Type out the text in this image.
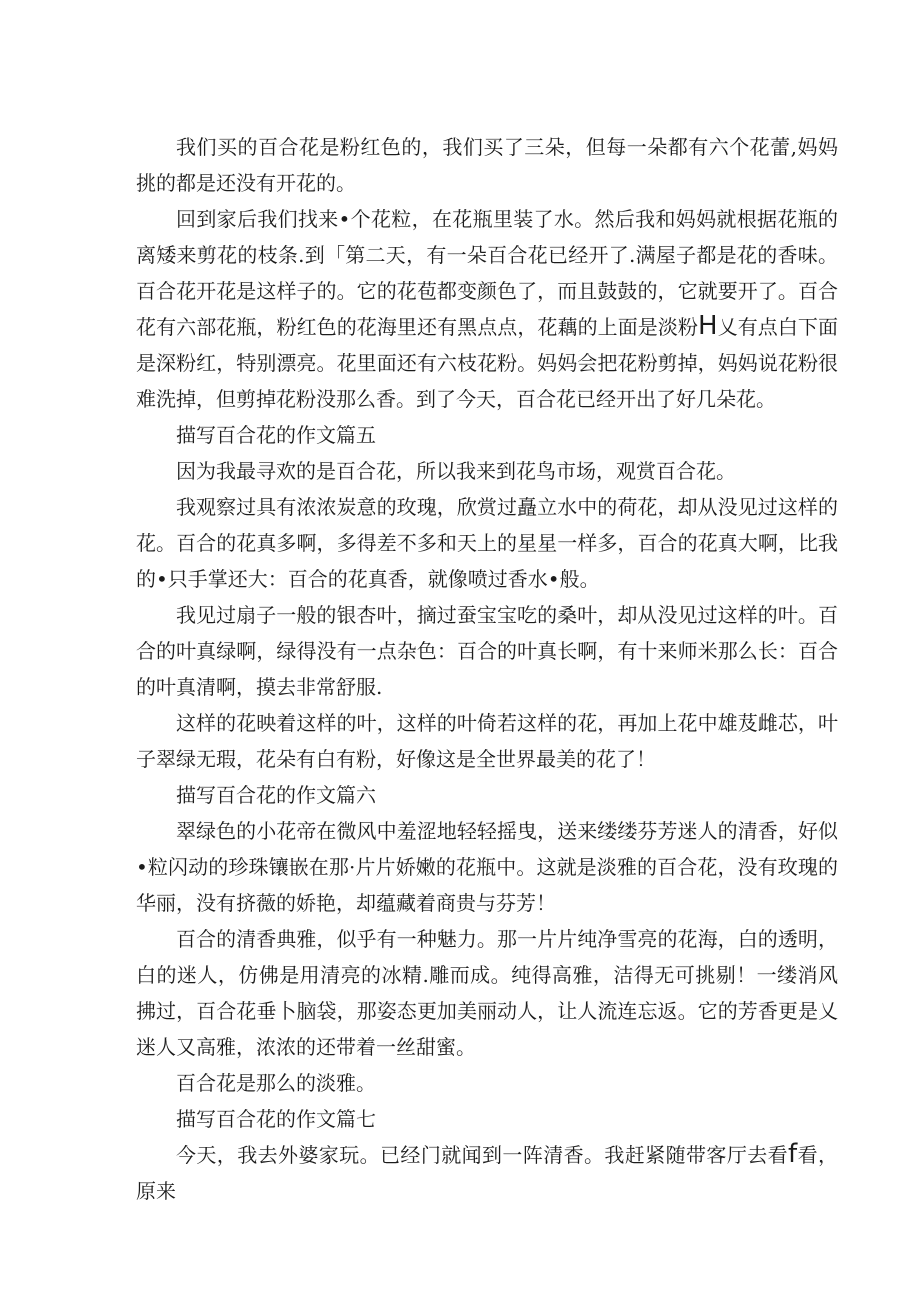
我们买的百合花是粉红色的，我们买了三朵，但每一朵都有六个花蕾,妈妈挑的都是还没有开花的。

回到家后我们找来•个花粒，在花瓶里装了水。然后我和妈妈就根据花瓶的离矮来剪花的枝条.到「第二天，有一朵百合花已经开了.满屋子都是花的香味。百合花开花是这样子的。它的花苞都变颜色了，而且鼓鼓的，它就要开了。百合花有六部花瓶，粉红色的花海里还有黑点点，花藕的上面是淡粉H乂有点白下面是深粉红，特别漂亮。花里面还有六枝花粉。妈妈会把花粉剪掉，妈妈说花粉很难洗掉，但剪掉花粉没那么香。到了今天，百合花已经开出了好几朵花。

描写百合花的作文篇五

因为我最寻欢的是百合花，所以我来到花鸟市场，观赏百合花。

我观察过具有浓浓炭意的玫瑰，欣赏过矗立水中的荷花，却从没见过这样的花。百合的花真多啊，多得差不多和天上的星星一样多，百合的花真大啊，比我的•只手掌还大：百合的花真香，就像喷过香水•般。

我见过扇子一般的银杏叶，摘过蚕宝宝吃的桑叶，却从没见过这样的叶。百合的叶真绿啊，绿得没有一点杂色：百合的叶真长啊，有十来师米那么长：百合的叶真清啊，摸去非常舒服.

这样的花映着这样的叶，这样的叶倚若这样的花，再加上花中雄芨雌芯，叶子翠绿无瑕，花朵有白有粉，好像这是全世界最美的花了！

描写百合花的作文篇六

翠绿色的小花帝在微风中羞涩地轻轻摇曳，送来缕缕芬芳迷人的清香，好似•粒闪动的珍珠镶嵌在那·片片娇嫩的花瓶中。这就是淡雅的百合花，没有玫瑰的华丽，没有挤薇的娇艳，却蕴藏着商贵与芬芳！

百合的清香典雅，似乎有一种魅力。那一片片纯净雪亮的花海，白的透明，白的迷人，仿佛是用清亮的冰精.雕而成。纯得高雅，洁得无可挑剔！一缕消风拂过，百合花垂卜脑袋，那姿态更加美丽动人，让人流连忘返。它的芳香更是乂迷人又高雅，浓浓的还带着一丝甜蜜。

百合花是那么的淡雅。

描写百合花的作文篇七

今天，我去外婆家玩。已经门就闻到一阵清香。我赶紧随带客厅去看f看，原来
